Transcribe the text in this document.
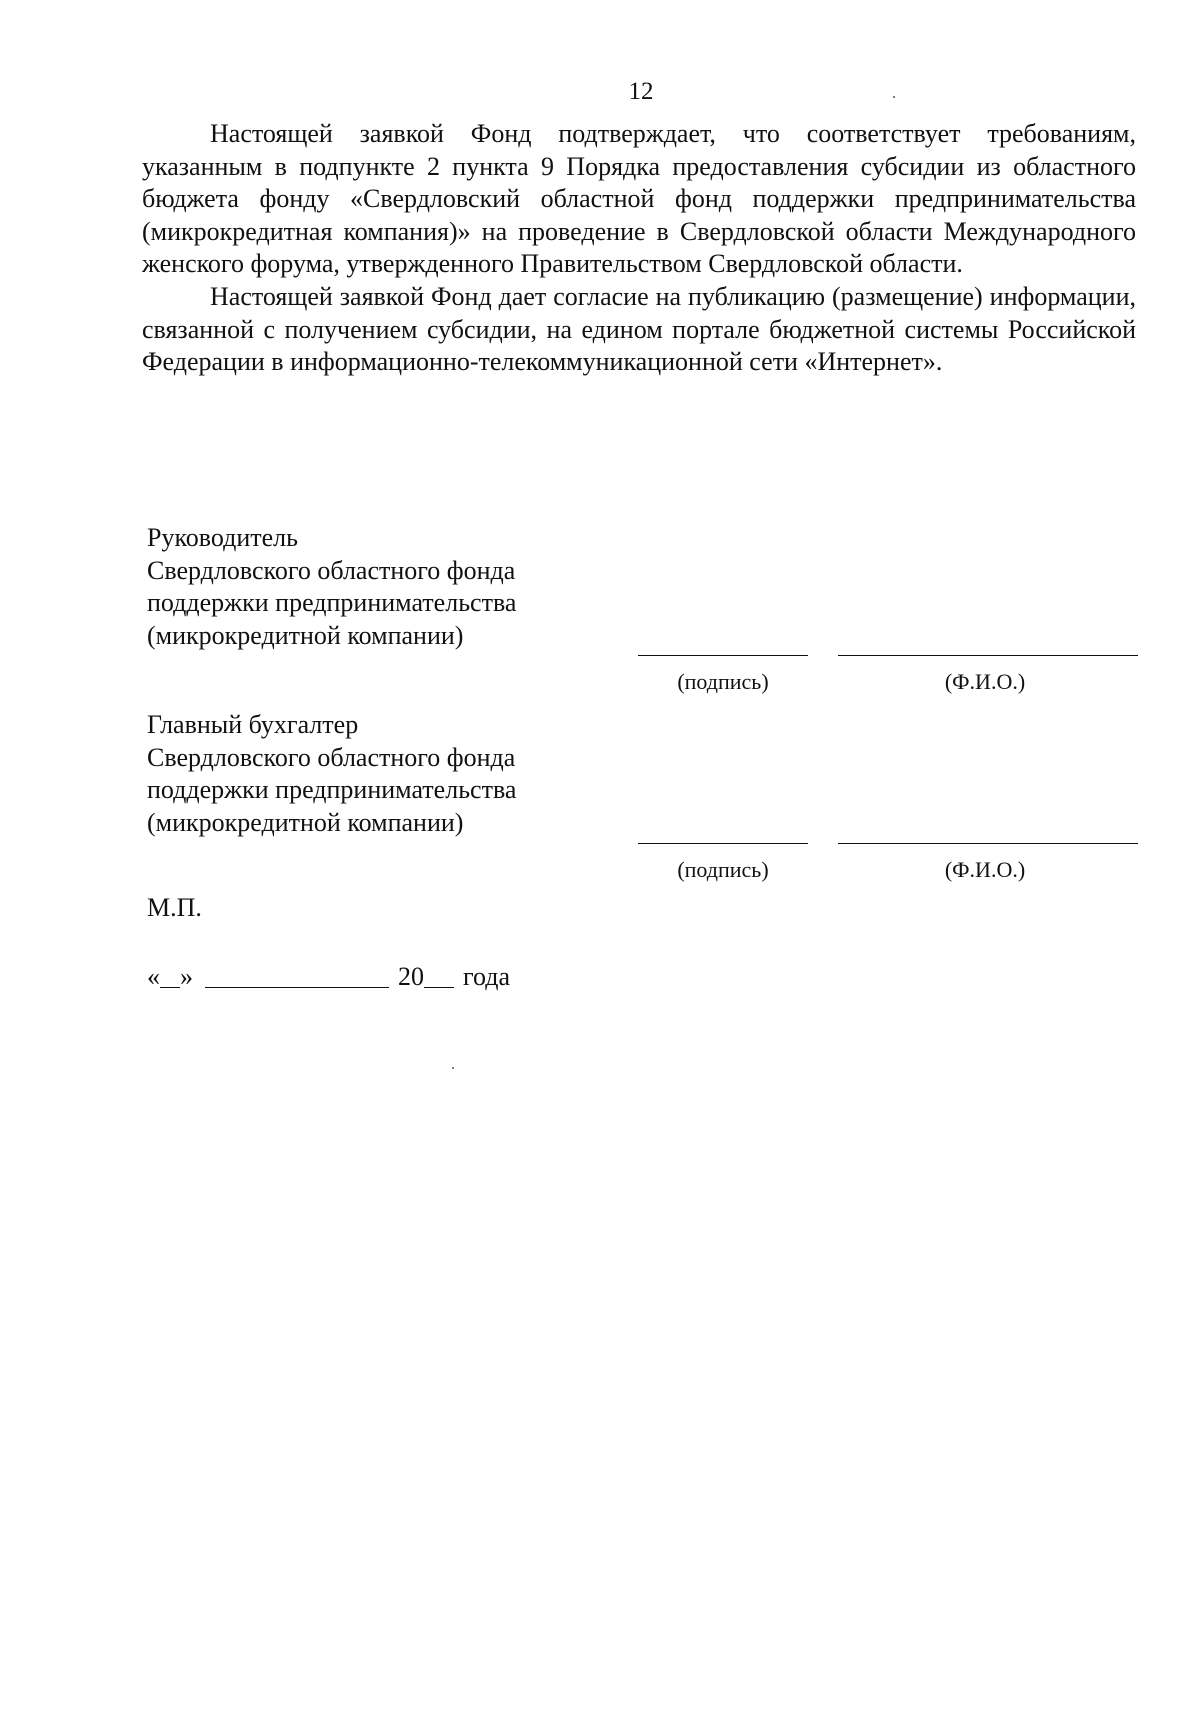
12

Настоящей заявкой Фонд подтверждает, что соответствует требованиям, указанным в подпункте 2 пункта 9 Порядка предоставления субсидии из областного бюджета фонду «Свердловский областной фонд поддержки предпринимательства (микрокредитная компания)» на проведение в Свердловской области Международного женского форума, утвержденного Правительством Свердловской области.

Настоящей заявкой Фонд дает согласие на публикацию (размещение) информации, связанной с получением субсидии, на едином портале бюджетной системы Российской Федерации в информационно-телекоммуникационной сети «Интернет».

Руководитель
Свердловского областного фонда
поддержки предпринимательства
(микрокредитной компании)
(подпись)	(Ф.И.О.)
Главный бухгалтер
Свердловского областного фонда
поддержки предпринимательства
(микрокредитной компании)
(подпись)	(Ф.И.О.)
М.П.
« »	20 года
